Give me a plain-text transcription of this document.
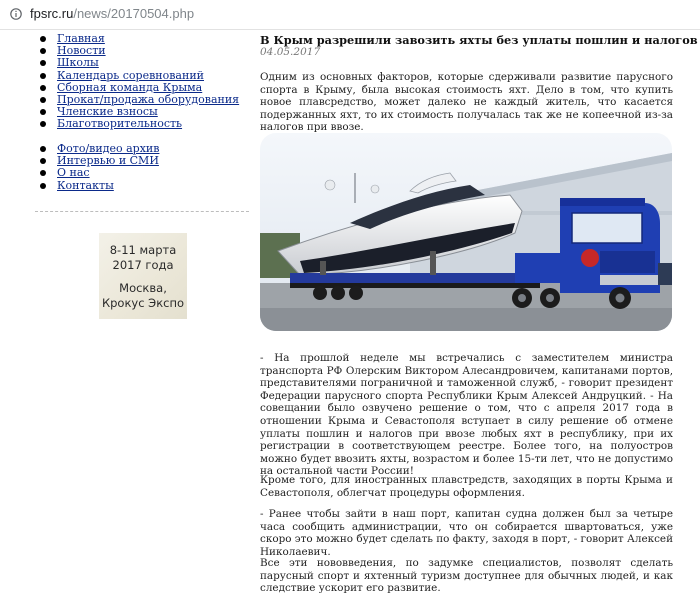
fpsrc.ru/news/20170504.php
Главная
Новости
Школы
Календарь соревнований
Сборная команда Крыма
Прокат/продажа оборудования
Членские взносы
Благотворительность
Фото/видео архив
Интервью и СМИ
О нас
Контакты
8-11 марта
2017 года
Москва,
Крокус Экспо
В Крым разрешили завозить яхты без уплаты пошлин и налогов
04.05.2017

Одним из основных факторов, которые сдерживали развитие парусного спорта в Крыму, была высокая стоимость яхт. Дело в том, что купить новое плавсредство, может далеко не каждый житель, что касается подержанных яхт, то их стоимость получалась так же не копеечной из-за налогов при ввозе.

- На прошлой неделе мы встречались с заместителем министра транспорта РФ Олерским Виктором Алесандровичем, капитанами портов, представителями пограничной и таможенной служб, - говорит президент Федерации парусного спорта Республики Крым Алексей Андруцкий. - На совещании было озвучено решение о том, что с апреля 2017 года в отношении Крыма и Севастополя вступает в силу решение об отмене уплаты пошлин и налогов при ввозе любых яхт в республику, при их регистрации в соответствующем реестре. Более того, на полуостров можно будет ввозить яхты, возрастом и более 15-ти лет, что не допустимо на остальной части России!

Кроме того, для иностранных плавстредств, заходящих в порты Крыма и Севастополя, облегчат процедуры оформления.

- Ранее чтобы зайти в наш порт, капитан судна должен был за четыре часа сообщить администрации, что он собирается швартоваться, уже скоро это можно будет сделать по факту, заходя в порт, - говорит Алексей Николаевич.

Все эти нововведения, по задумке специалистов, позволят сделать парусный спорт и яхтенный туризм доступнее для обычных людей, и как следствие ускорит его развитие.
